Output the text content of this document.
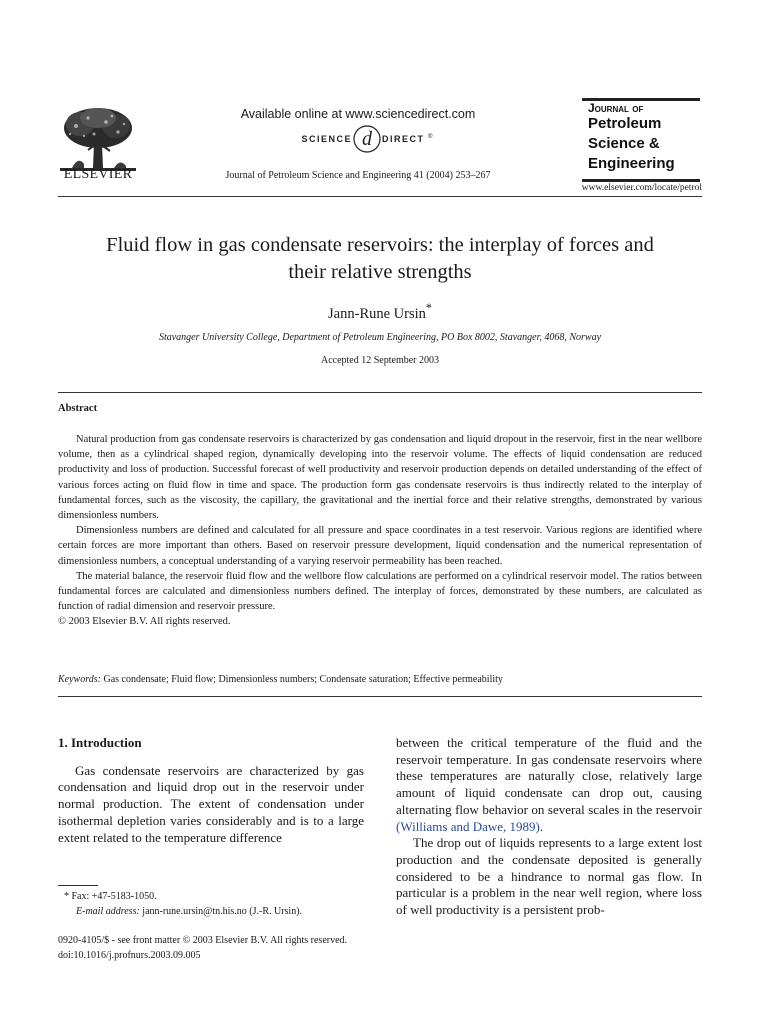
ELSEVIER
Available online at www.sciencedirect.com
SCIENCE d DIRECT ®
Journal of Petroleum Science and Engineering 41 (2004) 253–267
Journal of
Petroleum
Science &
Engineering
www.elsevier.com/locate/petrol
Fluid flow in gas condensate reservoirs: the interplay of forces and
their relative strengths
Jann-Rune Ursin*
Stavanger University College, Department of Petroleum Engineering, PO Box 8002, Stavanger, 4068, Norway
Accepted 12 September 2003
Abstract

Natural production from gas condensate reservoirs is characterized by gas condensation and liquid dropout in the reservoir, first in the near wellbore volume, then as a cylindrical shaped region, dynamically developing into the reservoir volume. The effects of liquid condensation are reduced productivity and loss of production. Successful forecast of well productivity and reservoir production depends on detailed understanding of the effect of various forces acting on fluid flow in time and space. The production form gas condensate reservoirs is thus indirectly related to the interplay of fundamental forces, such as the viscosity, the capillary, the gravitational and the inertial force and their relative strengths, demonstrated by various dimensionless numbers.

Dimensionless numbers are defined and calculated for all pressure and space coordinates in a test reservoir. Various regions are identified where certain forces are more important than others. Based on reservoir pressure development, liquid condensation and the numerical representation of dimensionless numbers, a conceptual understanding of a varying reservoir permeability has been reached.

The material balance, the reservoir fluid flow and the wellbore flow calculations are performed on a cylindrical reservoir model. The ratios between fundamental forces are calculated and dimensionless numbers defined. The interplay of forces, demonstrated by these numbers, are calculated as function of radial dimension and reservoir pressure.

© 2003 Elsevier B.V. All rights reserved.

Keywords: Gas condensate; Fluid flow; Dimensionless numbers; Condensate saturation; Effective permeability

1. Introduction

Gas condensate reservoirs are characterized by gas condensation and liquid drop out in the reservoir under normal production. The extent of condensation under isothermal depletion varies considerably and is to a large extent related to the temperature difference

between the critical temperature of the fluid and the reservoir temperature. In gas condensate reservoirs where these temperatures are naturally close, relatively large amount of liquid condensate can drop out, causing alternating flow behavior on several scales in the reservoir (Williams and Dawe, 1989).

The drop out of liquids represents to a large extent lost production and the condensate deposited is generally considered to be a hindrance to normal gas flow. In particular is a problem in the near well region, where loss of well productivity is a persistent prob-

* Fax: +47-5183-1050.
E-mail address: jann-rune.ursin@tn.his.no (J.-R. Ursin).
0920-4105/$ - see front matter © 2003 Elsevier B.V. All rights reserved.
doi:10.1016/j.profnurs.2003.09.005
